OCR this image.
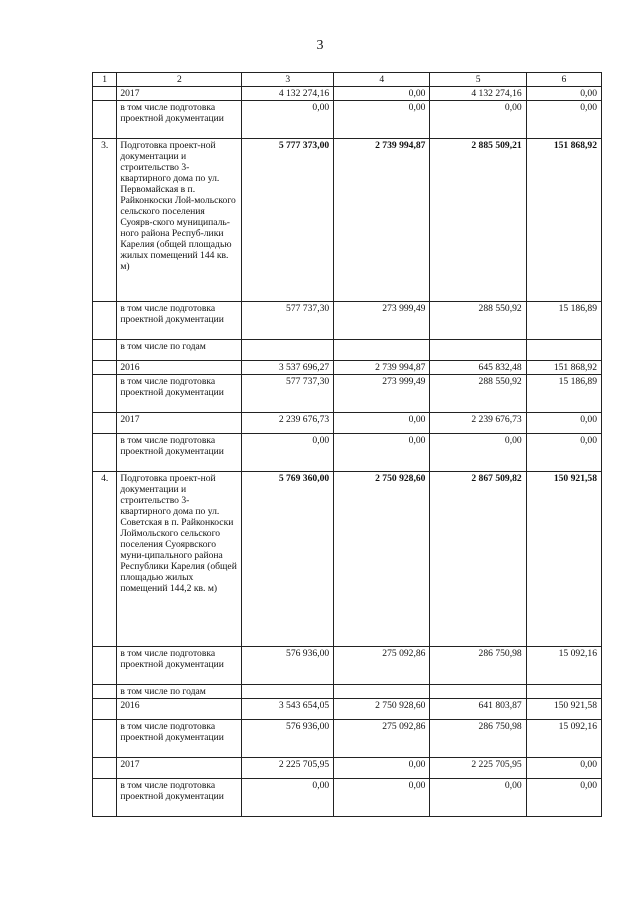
3
1	2	3	4	5	6
	2017	4 132 274,16	0,00	4 132 274,16	0,00
	в том числе подготовка проектной документации	0,00	0,00	0,00	0,00
3.	Подготовка проект-ной документации и строительство 3-квартирного дома по ул. Первомайская в п. Райконкоски Лой-мольского сельского поселения Суоярв-ского муниципаль-ного района Респуб-лики Карелия (общей площадью жилых помещений 144 кв. м)	5 777 373,00	2 739 994,87	2 885 509,21	151 868,92
	в том числе подготовка проектной документации	577 737,30	273 999,49	288 550,92	15 186,89
	в том числе по годам				
	2016	3 537 696,27	2 739 994,87	645 832,48	151 868,92
	в том числе подготовка проектной документации	577 737,30	273 999,49	288 550,92	15 186,89
	2017	2 239 676,73	0,00	2 239 676,73	0,00
	в том числе подготовка проектной документации	0,00	0,00	0,00	0,00
4.	Подготовка проект-ной документации и строительство 3-квартирного дома по ул. Советская в п. Райконкоски Лоймольского сельского поселения Суоярвского муни-ципального района Республики Карелия (общей площадью жилых помещений 144,2 кв. м)	5 769 360,00	2 750 928,60	2 867 509,82	150 921,58
	в том числе подготовка проектной документации	576 936,00	275 092,86	286 750,98	15 092,16
	в том числе по годам				
	2016	3 543 654,05	2 750 928,60	641 803,87	150 921,58
	в том числе подготовка проектной документации	576 936,00	275 092,86	286 750,98	15 092,16
	2017	2 225 705,95	0,00	2 225 705,95	0,00
	в том числе подготовка проектной документации	0,00	0,00	0,00	0,00
